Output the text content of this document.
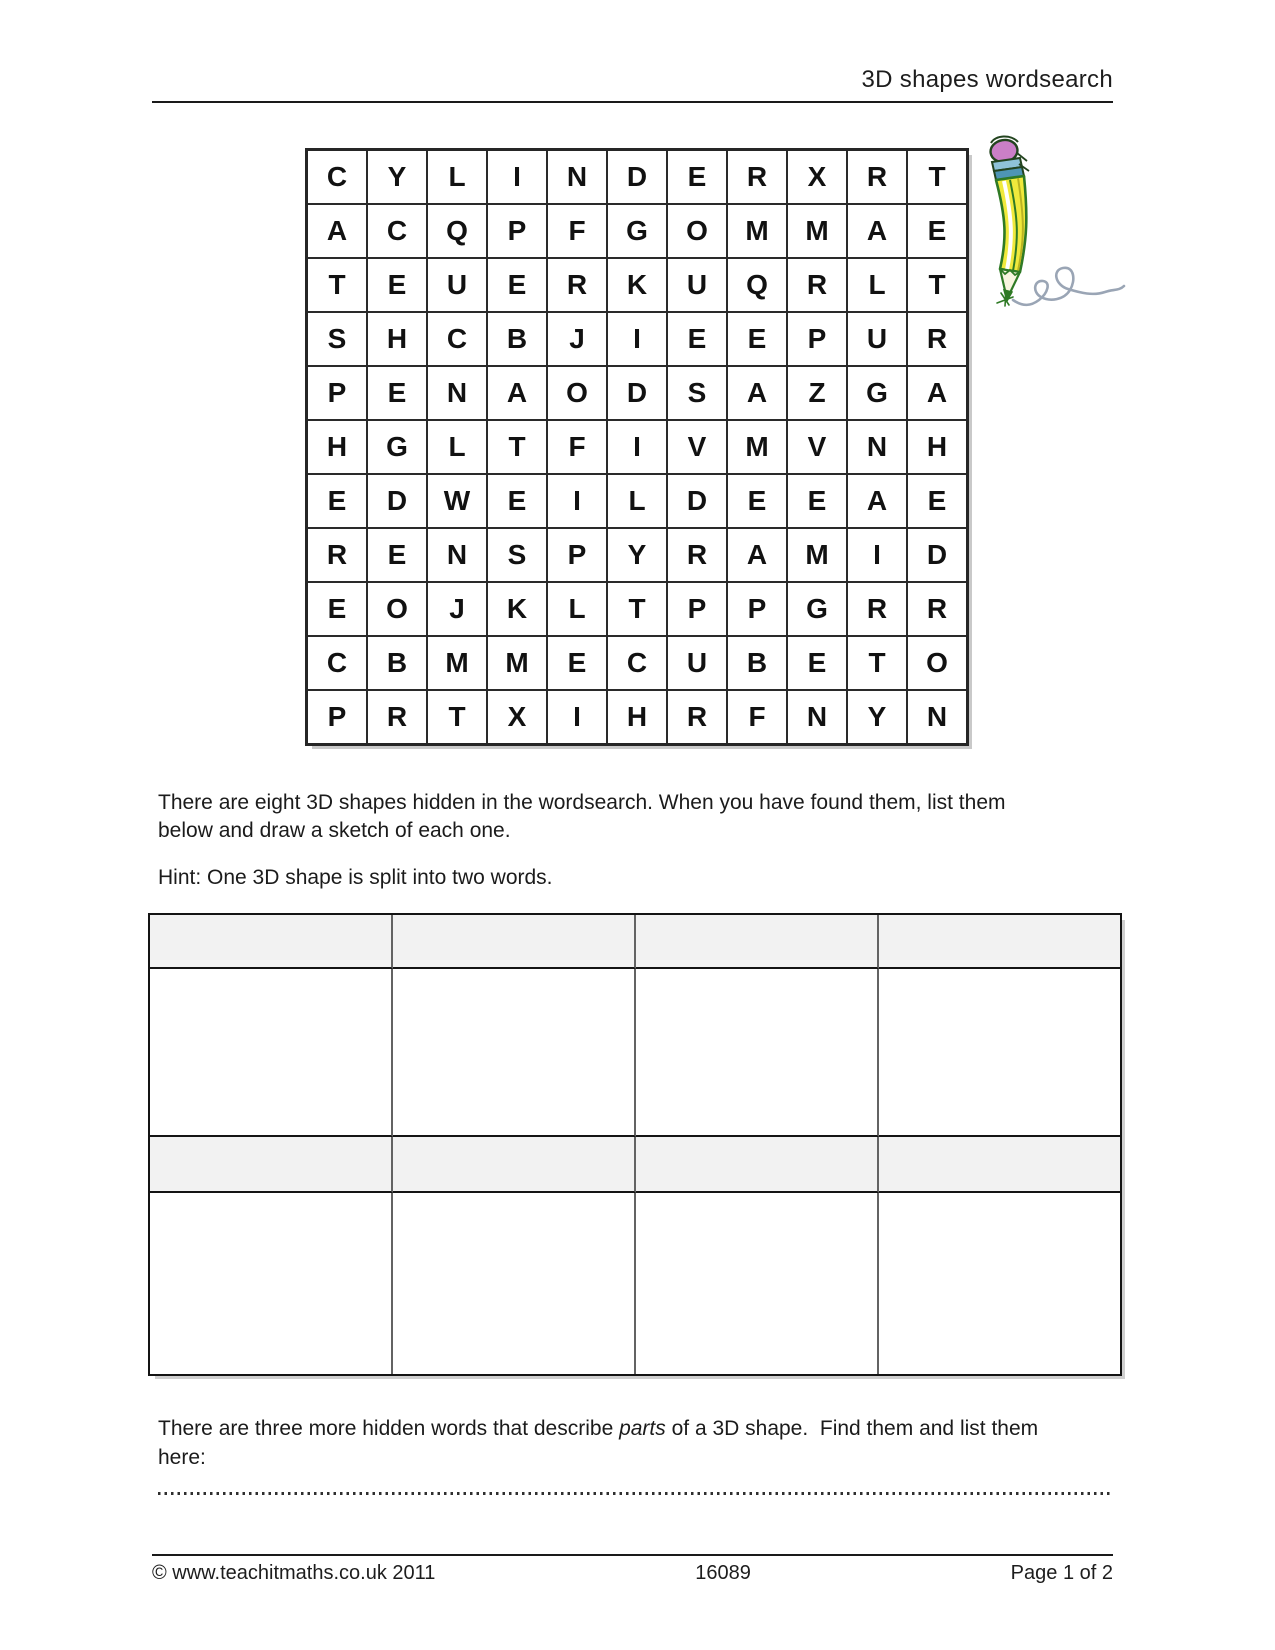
3D shapes wordsearch
C	Y	L	I	N	D	E	R	X	R	T
A	C	Q	P	F	G	O	M	M	A	E
T	E	U	E	R	K	U	Q	R	L	T
S	H	C	B	J	I	E	E	P	U	R
P	E	N	A	O	D	S	A	Z	G	A
H	G	L	T	F	I	V	M	V	N	H
E	D	W	E	I	L	D	E	E	A	E
R	E	N	S	P	Y	R	A	M	I	D
E	O	J	K	L	T	P	P	G	R	R
C	B	M	M	E	C	U	B	E	T	O
P	R	T	X	I	H	R	F	N	Y	N

There are eight 3D shapes hidden in the wordsearch. When you have found them, list them below and draw a sketch of each one.

Hint: One 3D shape is split into two words.

There are three more hidden words that describe parts of a 3D shape.  Find them and list them here:

© www.teachitmaths.co.uk 2011	16089	Page 1 of 2
